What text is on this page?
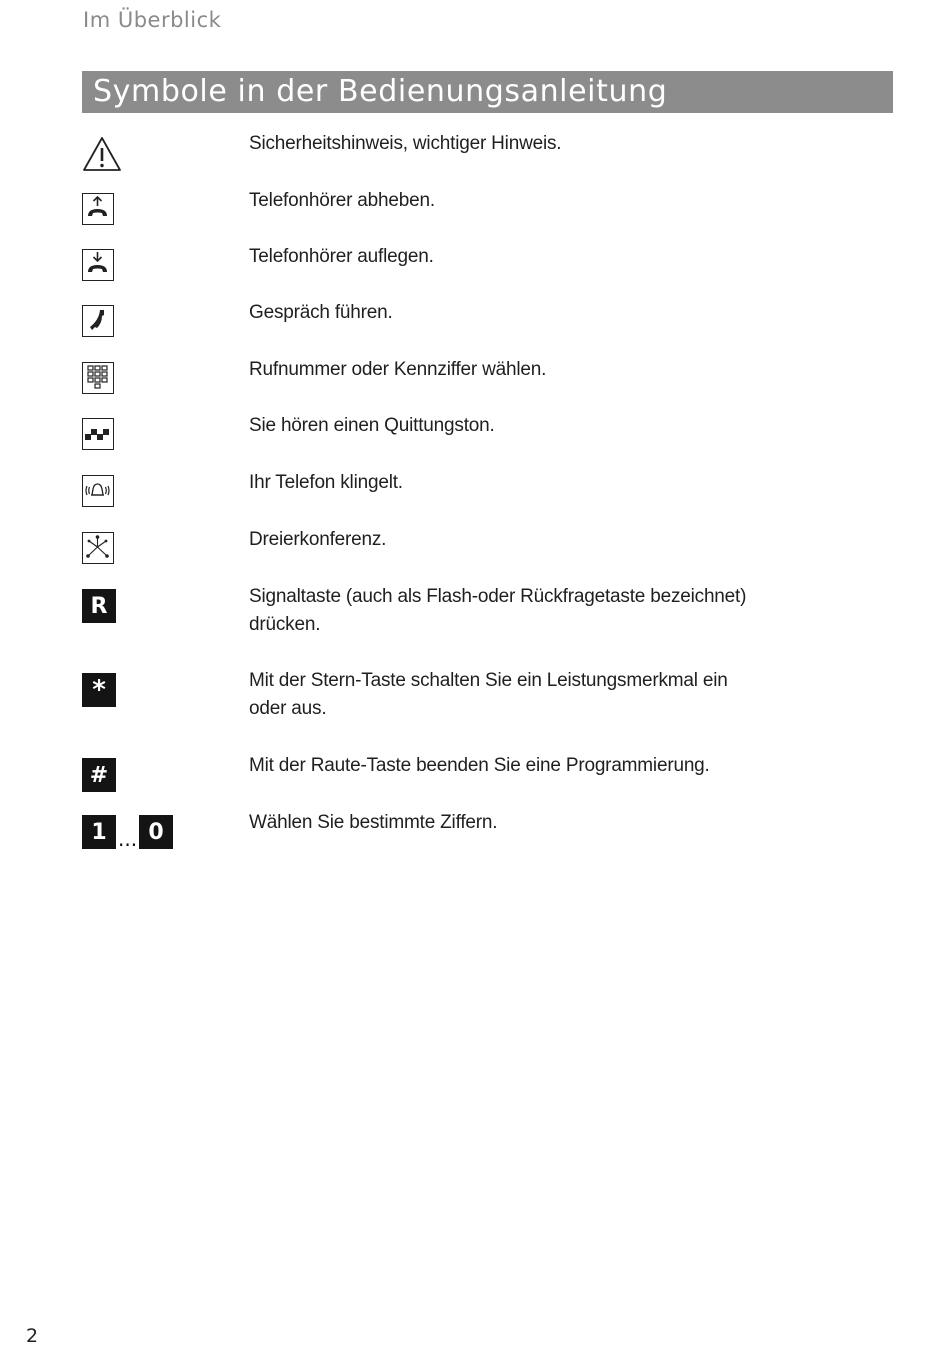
Im Überblick
Symbole in der Bedienungsanleitung
Sicherheitshinweis, wichtiger Hinweis.
Telefonhörer abheben.
Telefonhörer auflegen.
Gespräch führen.
Rufnummer oder Kennziffer wählen.
Sie hören einen Quittungston.
Ihr Telefon klingelt.
Dreierkonferenz.
R	Signaltaste (auch als Flash-oder Rückfragetaste bezeichnet) drücken.
*	Mit der Stern-Taste schalten Sie ein Leistungsmerkmal ein oder aus.
#	Mit der Raute-Taste beenden Sie eine Programmierung.
1 ... 0	Wählen Sie bestimmte Ziffern.
2
